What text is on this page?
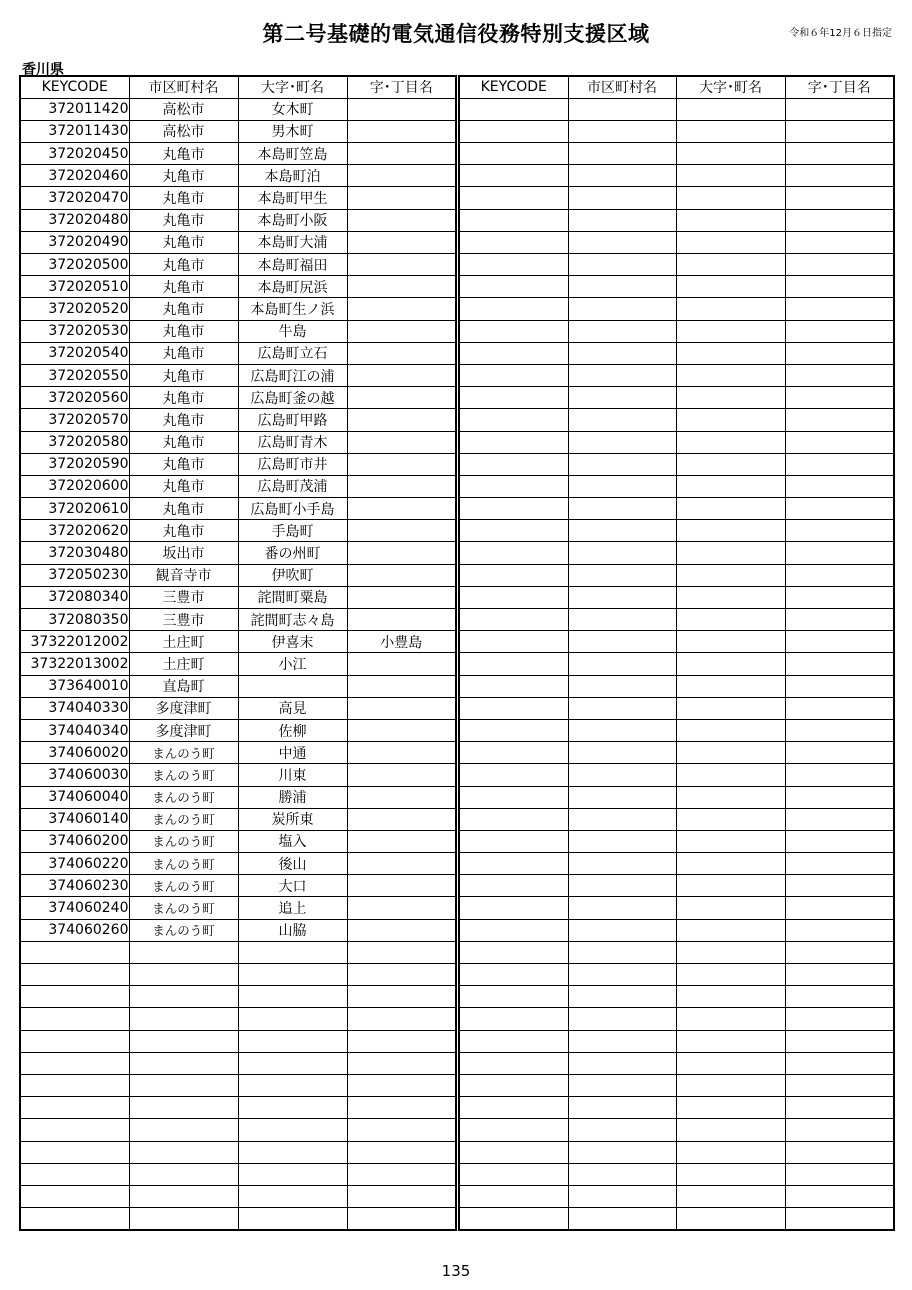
第二号基礎的電気通信役務特別支援区域	令和６年12月６日指定
香川県
KEYCODE	市区町村名	大字･町名	字･丁目名
372011420	高松市	女木町	
372011430	高松市	男木町	
372020450	丸亀市	本島町笠島	
372020460	丸亀市	本島町泊	
372020470	丸亀市	本島町甲生	
372020480	丸亀市	本島町小阪	
372020490	丸亀市	本島町大浦	
372020500	丸亀市	本島町福田	
372020510	丸亀市	本島町尻浜	
372020520	丸亀市	本島町生ノ浜	
372020530	丸亀市	牛島	
372020540	丸亀市	広島町立石	
372020550	丸亀市	広島町江の浦	
372020560	丸亀市	広島町釜の越	
372020570	丸亀市	広島町甲路	
372020580	丸亀市	広島町青木	
372020590	丸亀市	広島町市井	
372020600	丸亀市	広島町茂浦	
372020610	丸亀市	広島町小手島	
372020620	丸亀市	手島町	
372030480	坂出市	番の州町	
372050230	観音寺市	伊吹町	
372080340	三豊市	詫間町粟島	
372080350	三豊市	詫間町志々島	
37322012002	土庄町	伊喜末	小豊島
37322013002	土庄町	小江	
373640010	直島町		
374040330	多度津町	高見	
374040340	多度津町	佐柳	
374060020	まんのう町	中通	
374060030	まんのう町	川東	
374060040	まんのう町	勝浦	
374060140	まんのう町	炭所東	
374060200	まんのう町	塩入	
374060220	まんのう町	後山	
374060230	まんのう町	大口	
374060240	まんのう町	追上	
374060260	まんのう町	山脇	

KEYCODE	市区町村名	大字･町名	字･丁目名

135
